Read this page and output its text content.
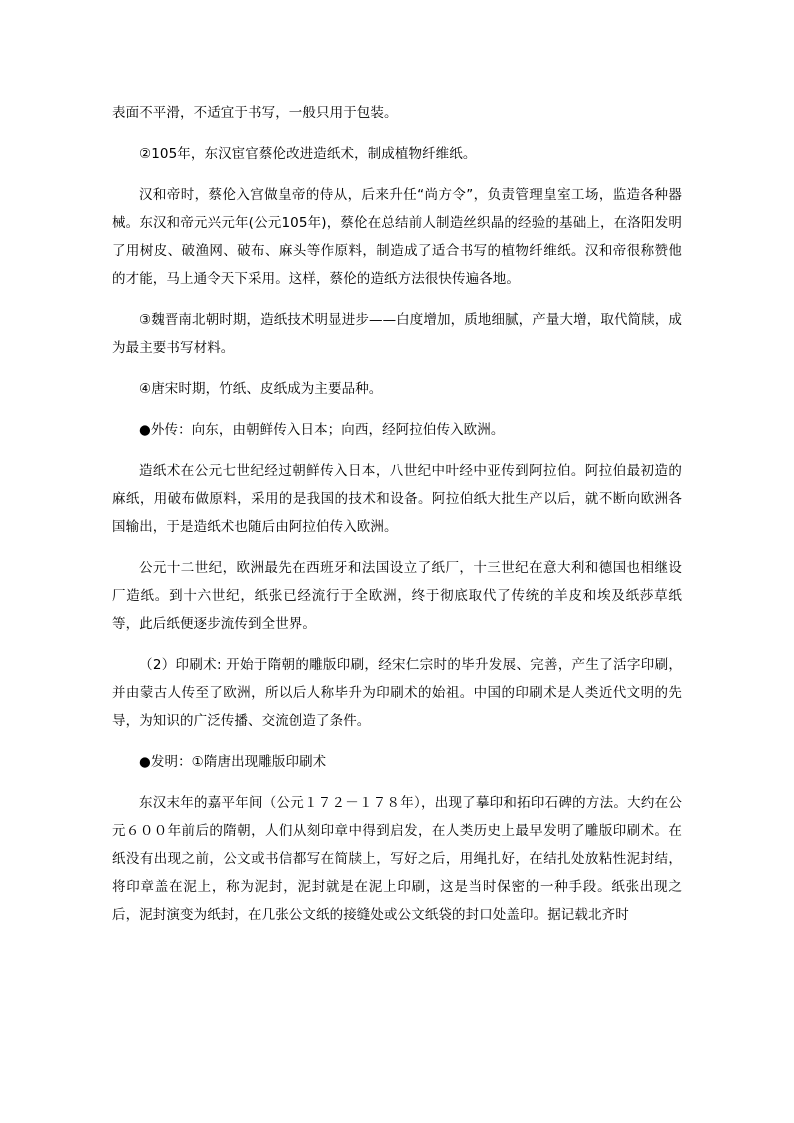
表面不平滑，不适宜于书写，一般只用于包装。

②105年，东汉宦官蔡伦改进造纸术，制成植物纤维纸。

汉和帝时，蔡伦入宫做皇帝的侍从，后来升任“尚方令”，负责管理皇室工场，监造各种器械。东汉和帝元兴元年(公元105年)，蔡伦在总结前人制造丝织晶的经验的基础上，在洛阳发明了用树皮、破渔网、破布、麻头等作原料，制造成了适合书写的植物纤维纸。汉和帝很称赞他的才能，马上通令天下采用。这样，蔡伦的造纸方法很快传遍各地。

③魏晋南北朝时期，造纸技术明显进步——白度增加，质地细腻，产量大增，取代简牍，成为最主要书写材料。

④唐宋时期，竹纸、皮纸成为主要品种。

●外传：向东，由朝鲜传入日本；向西，经阿拉伯传入欧洲。

造纸术在公元七世纪经过朝鲜传入日本，八世纪中叶经中亚传到阿拉伯。阿拉伯最初造的麻纸，用破布做原料，采用的是我国的技术和设备。阿拉伯纸大批生产以后，就不断向欧洲各国输出，于是造纸术也随后由阿拉伯传入欧洲。

公元十二世纪，欧洲最先在西班牙和法国设立了纸厂，十三世纪在意大利和德国也相继设厂造纸。到十六世纪，纸张已经流行于全欧洲，终于彻底取代了传统的羊皮和埃及纸莎草纸等，此后纸便逐步流传到全世界。

（2）印刷术: 开始于隋朝的雕版印刷，经宋仁宗时的毕升发展、完善，产生了活字印刷，并由蒙古人传至了欧洲，所以后人称毕升为印刷术的始祖。中国的印刷术是人类近代文明的先导，为知识的广泛传播、交流创造了条件。

●发明：①隋唐出现雕版印刷术

东汉末年的嘉平年间（公元１７２－１７８年），出现了摹印和拓印石碑的方法。大约在公元６００年前后的隋朝，人们从刻印章中得到启发，在人类历史上最早发明了雕版印刷术。在纸没有出现之前，公文或书信都写在简牍上，写好之后，用绳扎好，在结扎处放粘性泥封结，将印章盖在泥上，称为泥封，泥封就是在泥上印刷，这是当时保密的一种手段。纸张出现之后，泥封演变为纸封，在几张公文纸的接缝处或公文纸袋的封口处盖印。据记载北齐时
